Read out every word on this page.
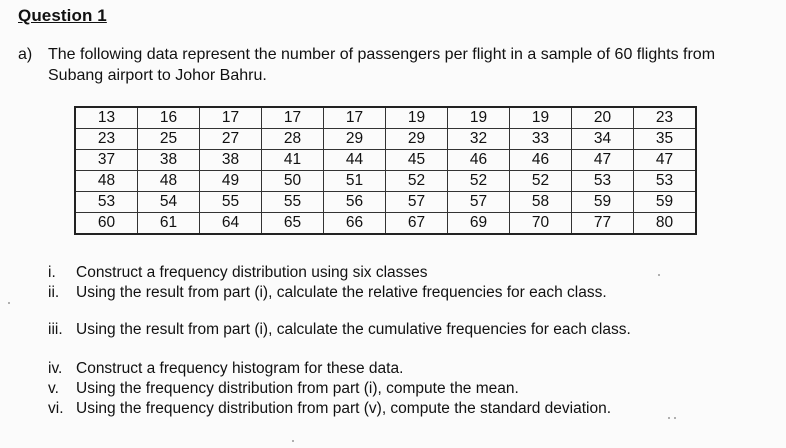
Question 1
a) The following data represent the number of passengers per flight in a sample of 60 flights from Subang airport to Johor Bahru.
13	16	17	17	17	19	19	19	20	23
23	25	27	28	29	29	32	33	34	35
37	38	38	41	44	45	46	46	47	47
48	48	49	50	51	52	52	52	53	53
53	54	55	55	56	57	57	58	59	59
60	61	64	65	66	67	69	70	77	80
i.	Construct a frequency distribution using six classes
ii.	Using the result from part (i), calculate the relative frequencies for each class.
iii. Using the result from part (i), calculate the cumulative frequencies for each class.
iv. Construct a frequency histogram for these data.
v.	Using the frequency distribution from part (i), compute the mean.
vi. Using the frequency distribution from part (v), compute the standard deviation.
